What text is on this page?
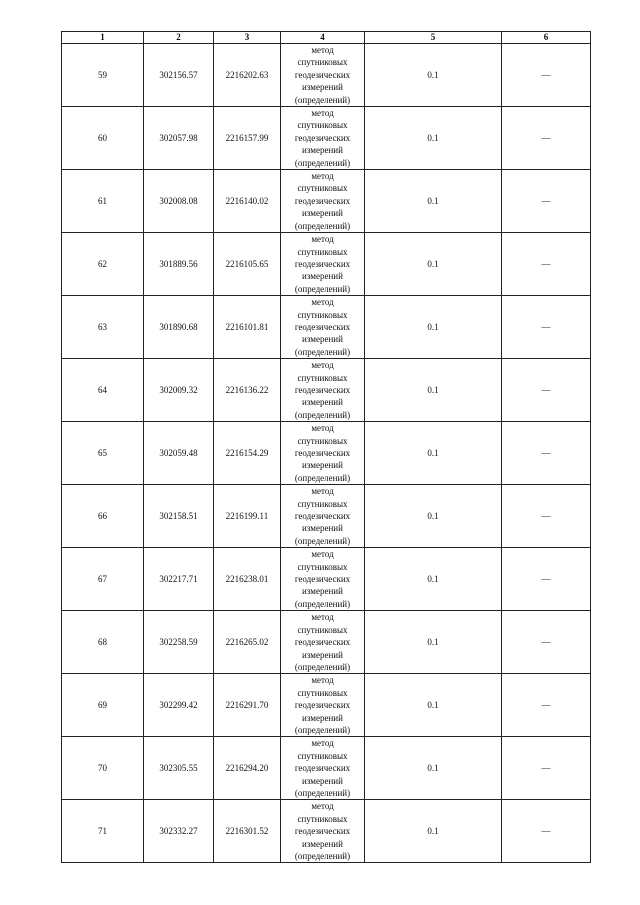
1	2	3	4	5	6
59	302156.57	2216202.63	метод
спутниковых
геодезических
измерений
(определений)	0.1	—
60	302057.98	2216157.99	метод
спутниковых
геодезических
измерений
(определений)	0.1	—
61	302008.08	2216140.02	метод
спутниковых
геодезических
измерений
(определений)	0.1	—
62	301889.56	2216105.65	метод
спутниковых
геодезических
измерений
(определений)	0.1	—
63	301890.68	2216101.81	метод
спутниковых
геодезических
измерений
(определений)	0.1	—
64	302009.32	2216136.22	метод
спутниковых
геодезических
измерений
(определений)	0.1	—
65	302059.48	2216154.29	метод
спутниковых
геодезических
измерений
(определений)	0.1	—
66	302158.51	2216199.11	метод
спутниковых
геодезических
измерений
(определений)	0.1	—
67	302217.71	2216238.01	метод
спутниковых
геодезических
измерений
(определений)	0.1	—
68	302258.59	2216265.02	метод
спутниковых
геодезических
измерений
(определений)	0.1	—
69	302299.42	2216291.70	метод
спутниковых
геодезических
измерений
(определений)	0.1	—
70	302305.55	2216294.20	метод
спутниковых
геодезических
измерений
(определений)	0.1	—
71	302332.27	2216301.52	метод
спутниковых
геодезических
измерений
(определений)	0.1	—
